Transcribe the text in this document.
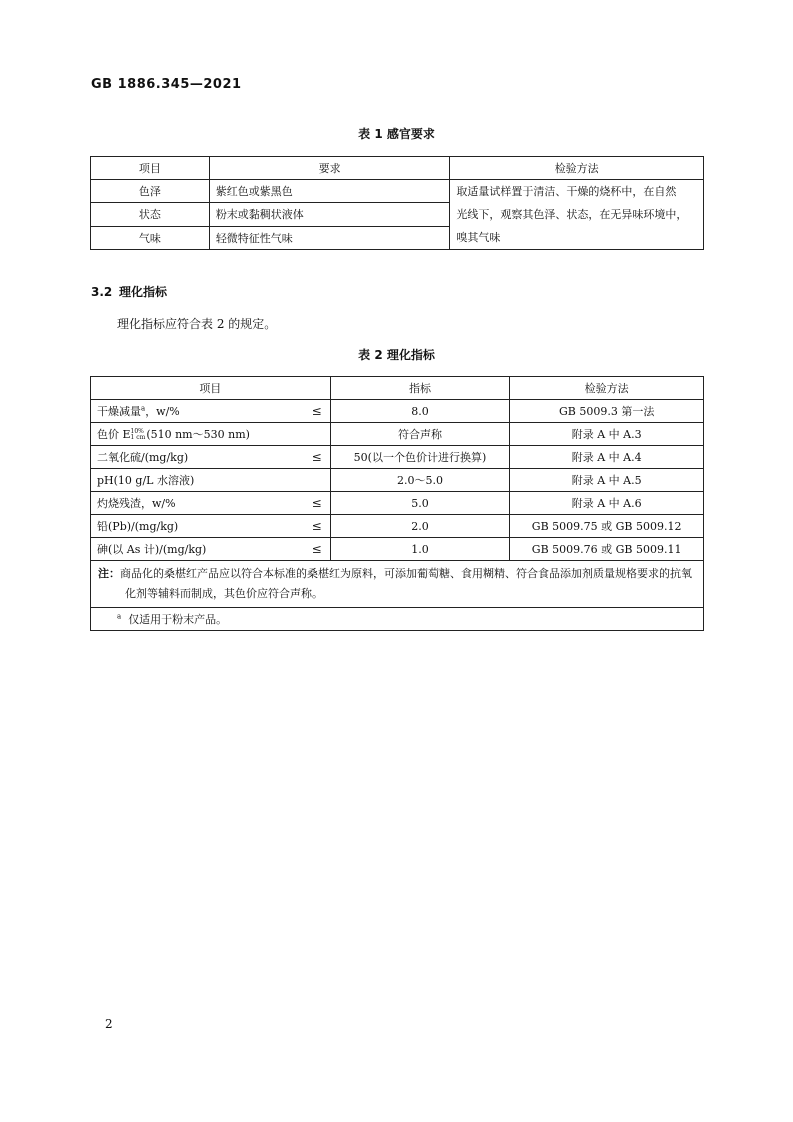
GB 1886.345—2021
表 1 感官要求
项目	要求	检验方法
色泽	紫红色或紫黑色	取适量试样置于清洁、干燥的烧杯中，在自然
光线下，观察其色泽、状态，在无异味环境中，
嗅其气味

状态	粉末或黏稠状液体	
气味	轻微特征性气味	
3.2 理化指标
理化指标应符合表 2 的规定。
表 2 理化指标
项目	指标	检验方法
干燥减量$^a$，w/% ≤	8.0	GB 5009.3 第一法
色价 E10%
1 cm(510 nm～530 nm)	符合声称	附录 A 中 A.3
二氧化硫/(mg/kg) ≤	50(以一个色价计进行换算)	附录 A 中 A.4
pH(10 g/L 水溶液)	2.0～5.0	附录 A 中 A.5
灼烧残渣，w/% ≤	5.0	附录 A 中 A.6
铅(Pb)/(mg/kg) ≤	2.0	GB 5009.75 或 GB 5009.12
砷(以 As 计)/(mg/kg) ≤	1.0	GB 5009.76 或 GB 5009.11
注：商品化的桑椹红产品应以符合本标准的桑椹红为原料，可添加葡萄糖、食用糊精、符合食品添加剂质量规格要求的抗氧化剂等辅料而制成，其色价应符合声称。		
$^a$ 仅适用于粉末产品。		
2
